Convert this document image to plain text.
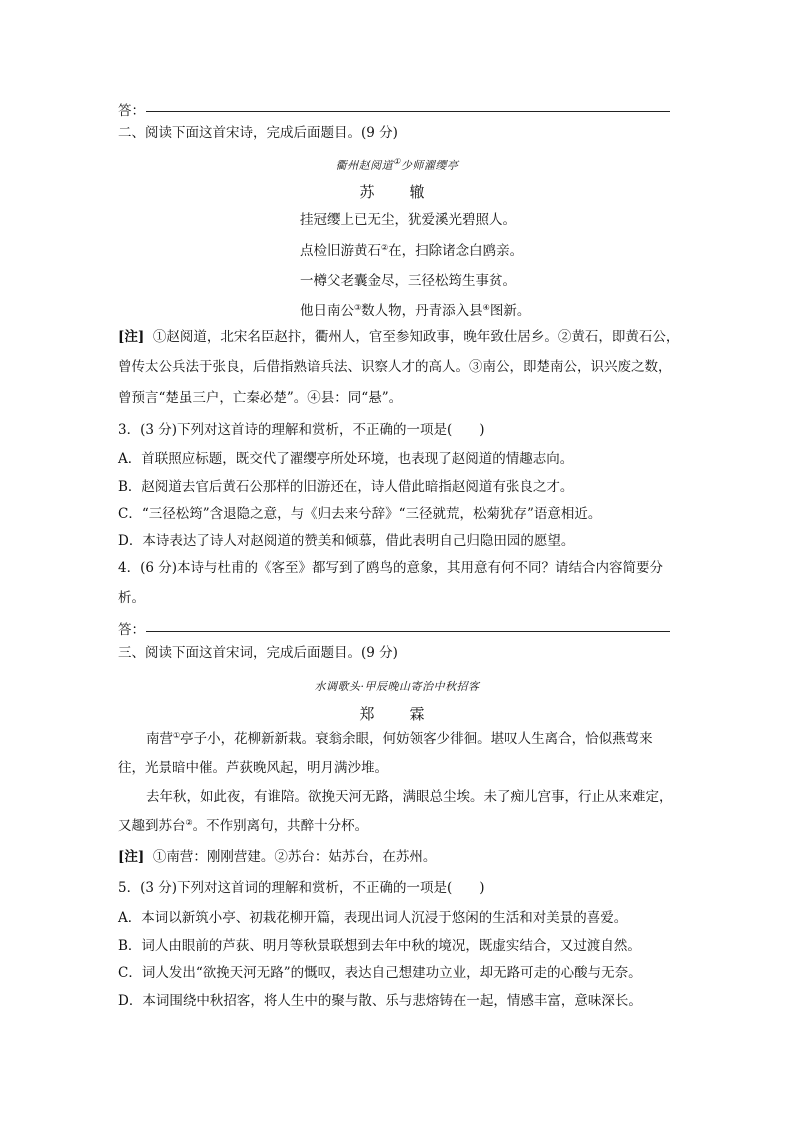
答：
二、阅读下面这首宋诗，完成后面题目。(9 分)
衢州赵阅道①少师濯缨亭
苏　辙
挂冠缨上已无尘，犹爱溪光碧照人。
点检旧游黄石②在，扫除诸念白鸥亲。
一樽父老囊金尽，三径松筠生事贫。
他日南公③数人物，丹青添入县④图新。
[注] ①赵阅道，北宋名臣赵抃，衢州人，官至参知政事，晚年致仕居乡。②黄石，即黄石公，
曾传太公兵法于张良，后借指熟谙兵法、识察人才的高人。③南公，即楚南公，识兴废之数，
曾预言“楚虽三户，亡秦必楚”。④县：同“悬”。
3．(3 分)下列对这首诗的理解和赏析，不正确的一项是(　　)
A．首联照应标题，既交代了濯缨亭所处环境，也表现了赵阅道的情趣志向。
B．赵阅道去官后黄石公那样的旧游还在，诗人借此暗指赵阅道有张良之才。
C．“三径松筠”含退隐之意，与《归去来兮辞》“三径就荒，松菊犹存”语意相近。
D．本诗表达了诗人对赵阅道的赞美和倾慕，借此表明自己归隐田园的愿望。
4．(6 分)本诗与杜甫的《客至》都写到了鸥鸟的意象，其用意有何不同？请结合内容简要分
析。
答：
三、阅读下面这首宋词，完成后面题目。(9 分)
水调歌头·甲辰晚山寄治中秋招客
郑　霖
南营①亭子小，花柳新新栽。衰翁余眼，何妨领客少徘徊。堪叹人生离合，恰似燕莺来
往，光景暗中催。芦荻晚风起，明月满沙堆。
去年秋，如此夜，有谁陪。欲挽天河无路，满眼总尘埃。未了痴儿宫事，行止从来难定，
又趣到苏台②。不作别离句，共醉十分杯。
[注] ①南营：刚刚营建。②苏台：姑苏台，在苏州。
5．(3 分)下列对这首词的理解和赏析，不正确的一项是(　　)
A．本词以新筑小亭、初栽花柳开篇，表现出词人沉浸于悠闲的生活和对美景的喜爱。
B．词人由眼前的芦荻、明月等秋景联想到去年中秋的境况，既虚实结合，又过渡自然。
C．词人发出“欲挽天河无路”的慨叹，表达自己想建功立业，却无路可走的心酸与无奈。
D．本词围绕中秋招客，将人生中的聚与散、乐与悲熔铸在一起，情感丰富，意味深长。
